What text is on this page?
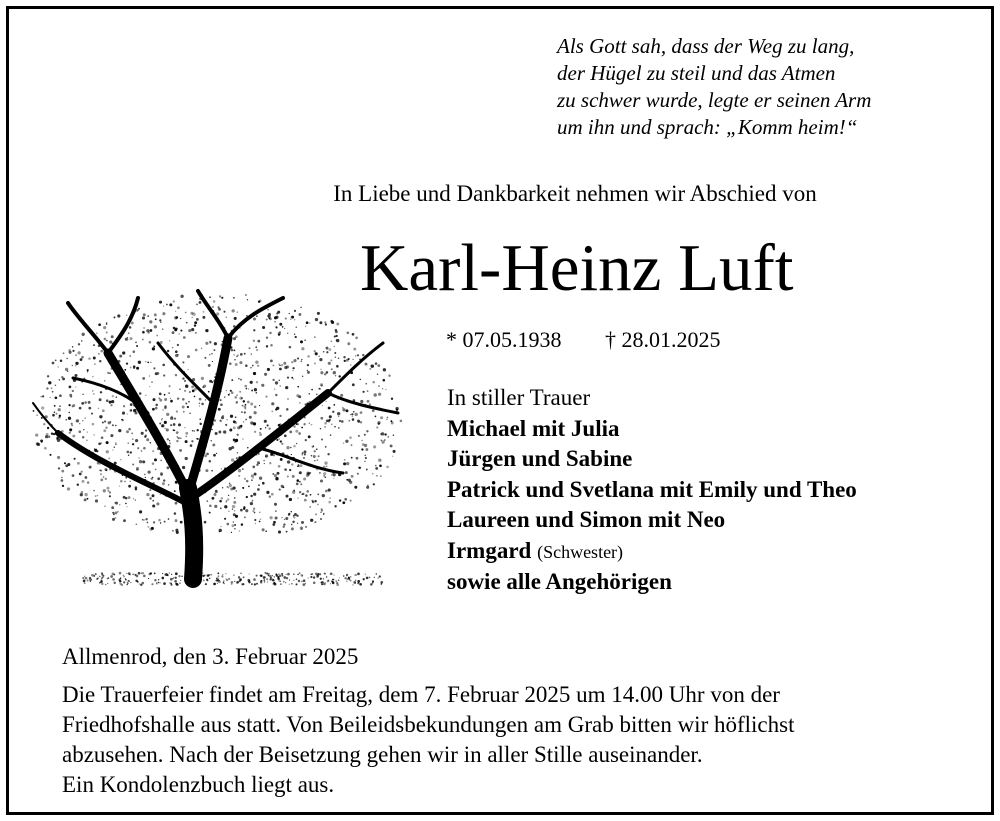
Als Gott sah, dass der Weg zu lang,
der Hügel zu steil und das Atmen
zu schwer wurde, legte er seinen Arm
um ihn und sprach: „Komm heim!“
In Liebe und Dankbarkeit nehmen wir Abschied von
Karl-Heinz Luft
* 07.05.1938 † 28.01.2025
In stiller Trauer
Michael mit Julia
Jürgen und Sabine
Patrick und Svetlana mit Emily und Theo
Laureen und Simon mit Neo
Irmgard (Schwester)
sowie alle Angehörigen
Allmenrod, den 3. Februar 2025
Die Trauerfeier findet am Freitag, dem 7. Februar 2025 um 14.00 Uhr von der
Friedhofshalle aus statt. Von Beileidsbekundungen am Grab bitten wir höflichst
abzusehen. Nach der Beisetzung gehen wir in aller Stille auseinander.
Ein Kondolenzbuch liegt aus.
